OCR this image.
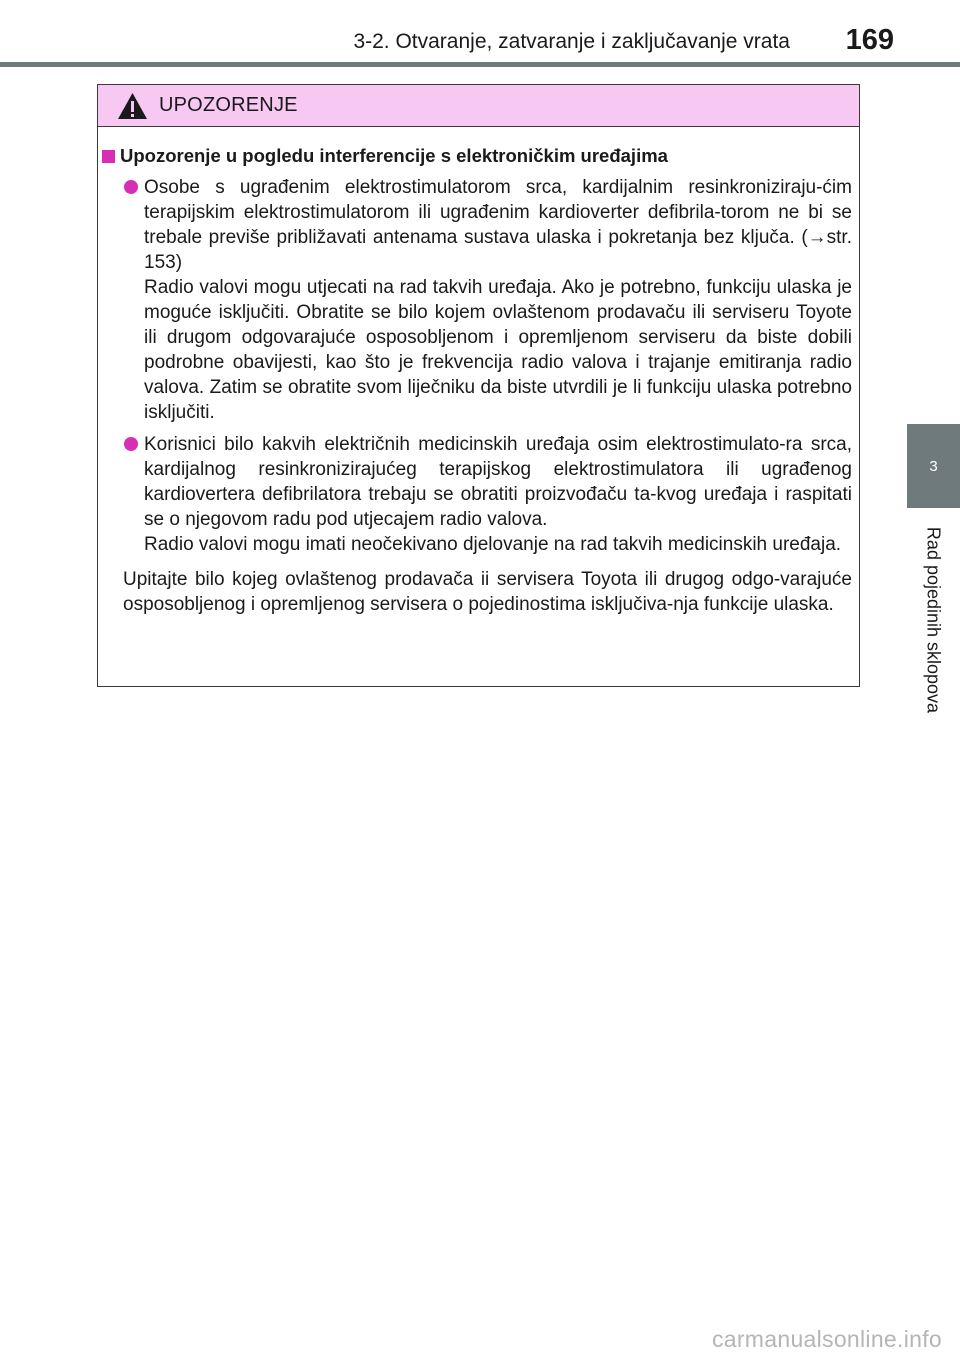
3-2. Otvaranje, zatvaranje i zaključavanje vrata 169
3
Rad pojedinih sklopova
UPOZORENJE
Upozorenje u pogledu interferencije s elektroničkim uređajima

Osobe s ugrađenim elektrostimulatorom srca, kardijalnim resinkroniziraju-ćim terapijskim elektrostimulatorom ili ugrađenim kardioverter defibrila-torom ne bi se trebale previše približavati antenama sustava ulaska i pokretanja bez ključa. (→str. 153)

Radio valovi mogu utjecati na rad takvih uređaja. Ako je potrebno, funkciju ulaska je moguće isključiti. Obratite se bilo kojem ovlaštenom prodavaču ili serviseru Toyote ili drugom odgovarajuće osposobljenom i opremljenom serviseru da biste dobili podrobne obavijesti, kao što je frekvencija radio valova i trajanje emitiranja radio valova. Zatim se obratite svom liječniku da biste utvrdili je li funkciju ulaska potrebno isključiti.

Korisnici bilo kakvih električnih medicinskih uređaja osim elektrostimulato-ra srca, kardijalnog resinkronizirajućeg terapijskog elektrostimulatora ili ugrađenog kardiovertera defibrilatora trebaju se obratiti proizvođaču ta-kvog uređaja i raspitati se o njegovom radu pod utjecajem radio valova.

Radio valovi mogu imati neočekivano djelovanje na rad takvih medicinskih uređaja.

Upitajte bilo kojeg ovlaštenog prodavača ii servisera Toyota ili drugog odgo-varajuće osposobljenog i opremljenog servisera o pojedinostima isključiva-nja funkcije ulaska.

carmanualsonline.info
